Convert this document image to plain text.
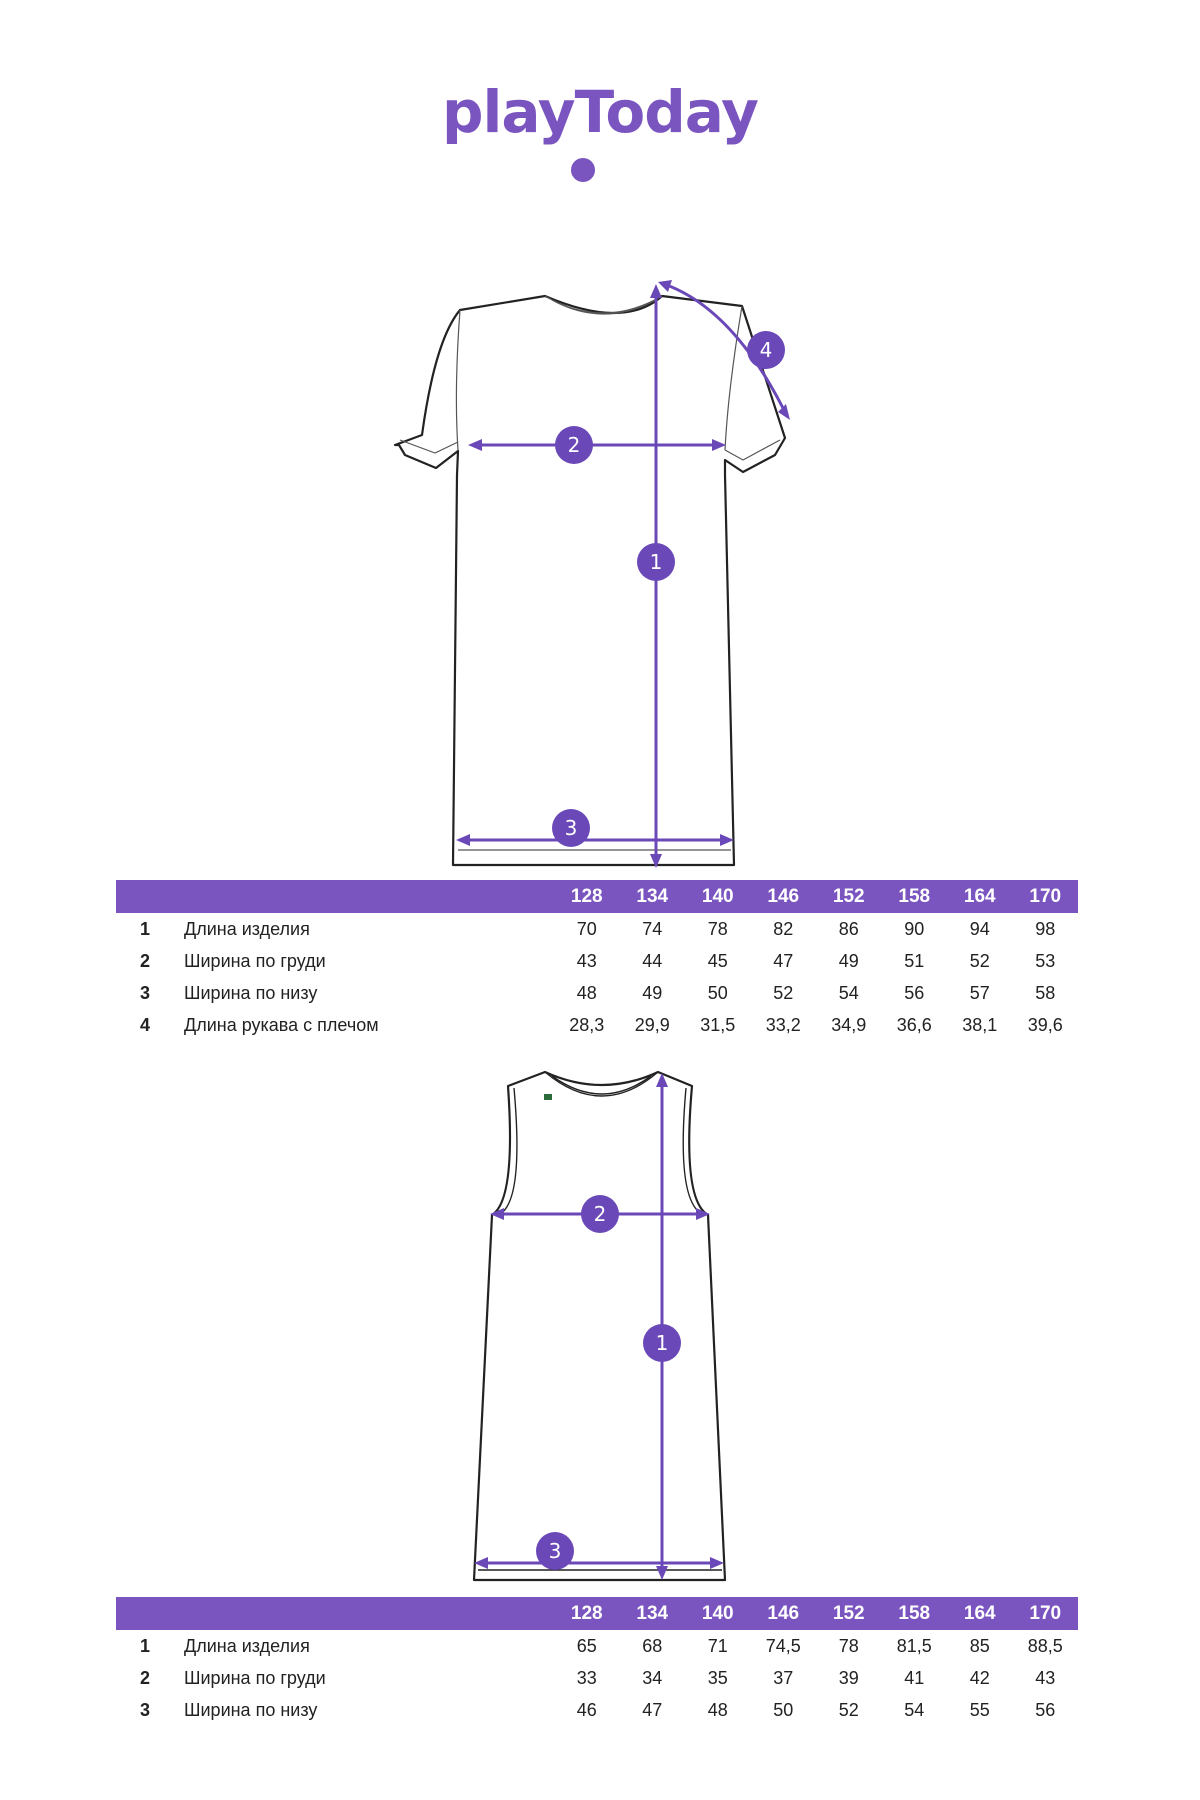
playToday
1
2
3
4
		128	134	140	146	152	158	164	170
1	Длина изделия	70	74	78	82	86	90	94	98
2	Ширина по груди	43	44	45	47	49	51	52	53
3	Ширина по низу	48	49	50	52	54	56	57	58
4	Длина рукава с плечом	28,3	29,9	31,5	33,2	34,9	36,6	38,1	39,6
1
2
3
		128	134	140	146	152	158	164	170
1	Длина изделия	65	68	71	74,5	78	81,5	85	88,5
2	Ширина по груди	33	34	35	37	39	41	42	43
3	Ширина по низу	46	47	48	50	52	54	55	56
